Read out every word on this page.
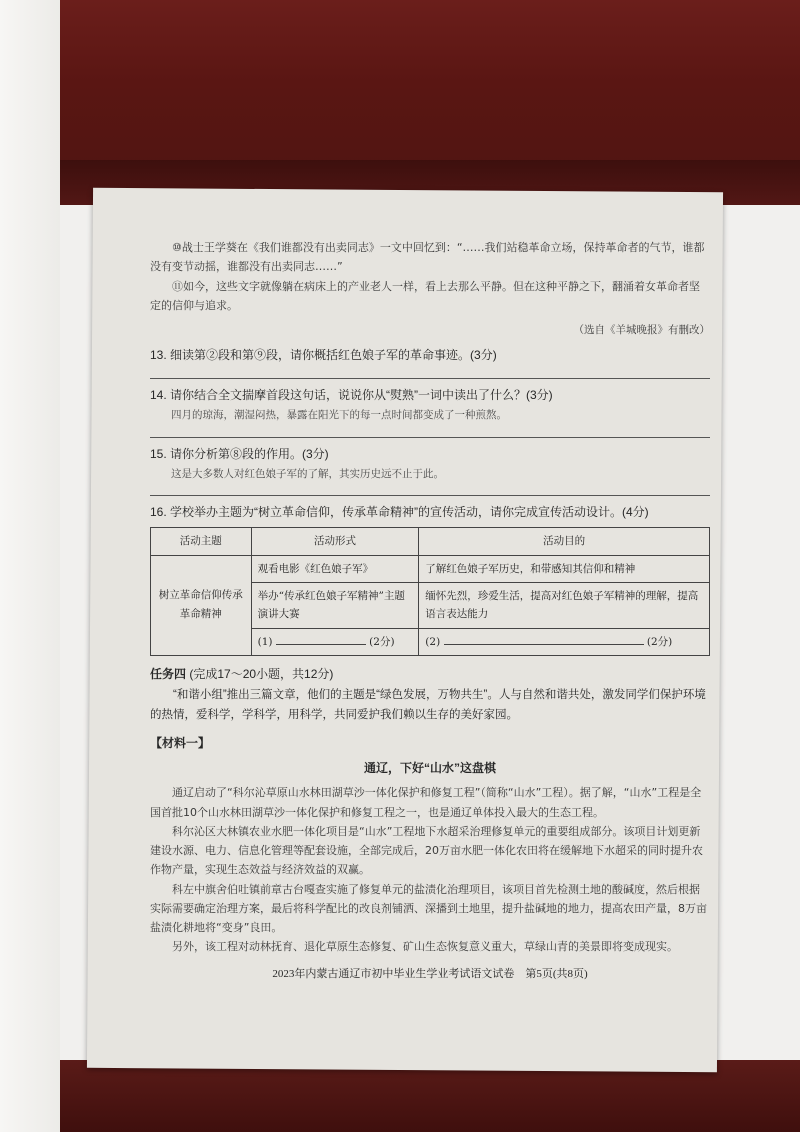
⑩战士王学葵在《我们谁都没有出卖同志》一文中回忆到：“……我们站稳革命立场，保持革命者的气节，谁都没有变节动摇，谁都没有出卖同志……”

⑪如今，这些文字就像躺在病床上的产业老人一样，看上去那么平静。但在这种平静之下，翻涌着女革命者坚定的信仰与追求。

（选自《羊城晚报》有删改）

13. 细读第②段和第⑨段，请你概括红色娘子军的革命事迹。(3分)

14. 请你结合全文揣摩首段这句话，说说你从“熨熟”一词中读出了什么？(3分)

四月的琼海，潮湿闷热，暴露在阳光下的每一点时间都变成了一种煎熬。

15. 请你分析第⑧段的作用。(3分)

这是大多数人对红色娘子军的了解，其实历史远不止于此。

16. 学校举办主题为“树立革命信仰，传承革命精神”的宣传活动，请你完成宣传活动设计。(4分)

活动主题	活动形式	活动目的
树立革命信仰传承革命精神	观看电影《红色娘子军》	了解红色娘子军历史，和带感知其信仰和精神
	举办“传承红色娘子军精神”主题演讲大赛	缅怀先烈，珍爱生活，提高对红色娘子军精神的理解，提高语言表达能力
	(1) (2分)	(2) (2分)

任务四 (完成17～20小题，共12分)

“和谐小组”推出三篇文章，他们的主题是“绿色发展，万物共生”。人与自然和谐共处，激发同学们保护环境的热情，爱科学，学科学，用科学，共同爱护我们赖以生存的美好家园。

【材料一】

通辽，下好“山水”这盘棋

通辽启动了“科尔沁草原山水林田湖草沙一体化保护和修复工程”（简称“山水”工程）。据了解，“山水”工程是全国首批10个山水林田湖草沙一体化保护和修复工程之一，也是通辽单体投入最大的生态工程。

科尔沁区大林镇农业水肥一体化项目是“山水”工程地下水超采治理修复单元的重要组成部分。该项目计划更新建设水源、电力、信息化管理等配套设施，全部完成后，20万亩水肥一体化农田将在缓解地下水超采的同时提升农作物产量，实现生态效益与经济效益的双赢。

科左中旗舍伯吐镇前章古台嘎查实施了修复单元的盐渍化治理项目，该项目首先检测土地的酸碱度，然后根据实际需要确定治理方案，最后将科学配比的改良剂铺洒、深播到土地里，提升盐碱地的地力，提高农田产量，8万亩盐渍化耕地将“变身”良田。

另外，该工程对动林抚育、退化草原生态修复、矿山生态恢复意义重大，草绿山青的美景即将变成现实。

2023年内蒙古通辽市初中毕业生学业考试语文试卷　第5页(共8页)
